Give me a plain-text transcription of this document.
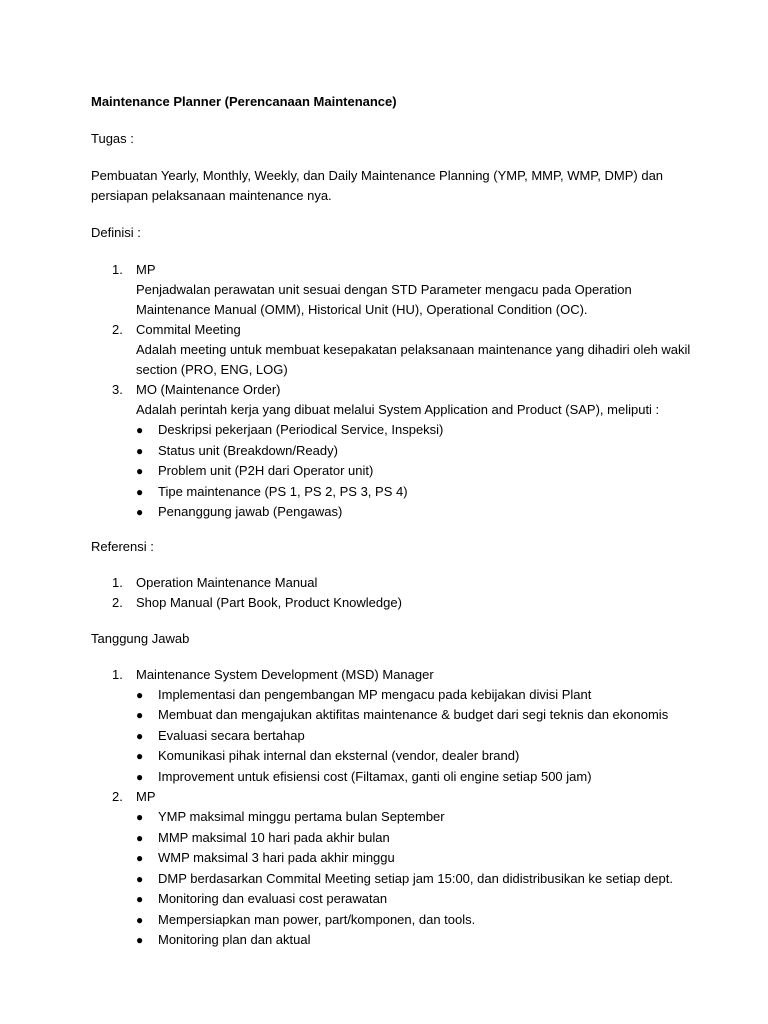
Maintenance Planner (Perencanaan Maintenance)

Tugas :

Pembuatan Yearly, Monthly, Weekly, dan Daily Maintenance Planning (YMP, MMP, WMP, DMP) dan

persiapan pelaksanaan maintenance nya.

Definisi :

1. MP
Penjadwalan perawatan unit sesuai dengan STD Parameter mengacu pada Operation
Maintenance Manual (OMM), Historical Unit (HU), Operational Condition (OC).
2. Commital Meeting
Adalah meeting untuk membuat kesepakatan pelaksanaan maintenance yang dihadiri oleh wakil
section (PRO, ENG, LOG)
3. MO (Maintenance Order)
Adalah perintah kerja yang dibuat melalui System Application and Product (SAP), meliputi :
● Deskripsi pekerjaan (Periodical Service, Inspeksi)
● Status unit (Breakdown/Ready)
● Problem unit (P2H dari Operator unit)
● Tipe maintenance (PS 1, PS 2, PS 3, PS 4)
● Penanggung jawab (Pengawas)

Referensi :

1. Operation Maintenance Manual
2. Shop Manual (Part Book, Product Knowledge)

Tanggung Jawab

1. Maintenance System Development (MSD) Manager
● Implementasi dan pengembangan MP mengacu pada kebijakan divisi Plant
● Membuat dan mengajukan aktifitas maintenance & budget dari segi teknis dan ekonomis
● Evaluasi secara bertahap
● Komunikasi pihak internal dan eksternal (vendor, dealer brand)
● Improvement untuk efisiensi cost (Filtamax, ganti oli engine setiap 500 jam)
2. MP
● YMP maksimal minggu pertama bulan September
● MMP maksimal 10 hari pada akhir bulan
● WMP maksimal 3 hari pada akhir minggu
● DMP berdasarkan Commital Meeting setiap jam 15:00, dan didistribusikan ke setiap dept.
● Monitoring dan evaluasi cost perawatan
● Mempersiapkan man power, part/komponen, dan tools.
● Monitoring plan dan aktual
